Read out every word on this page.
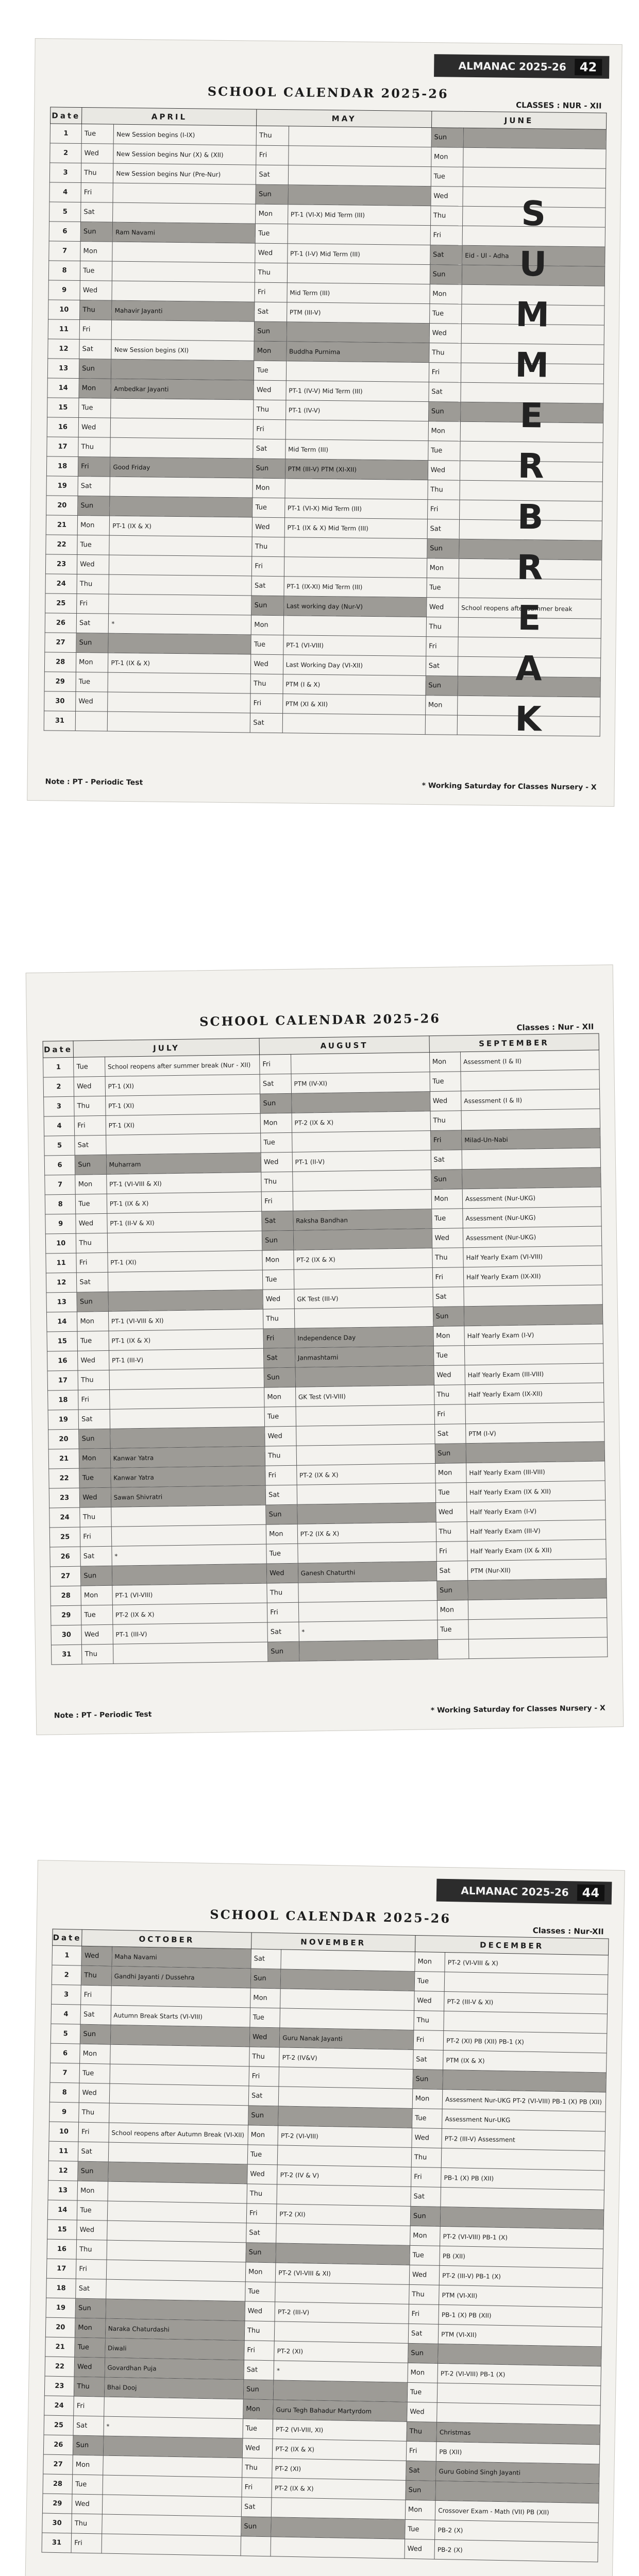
ALMANAC 2025-26	42
SCHOOL CALENDAR 2025-26
CLASSES : NUR - XII
Date	APRIL		MAY		JUNE	
1	Tue	New Session begins (I-IX)	Thu		Sun	
2	Wed	New Session begins Nur (X) & (XII)	Fri		Mon	
3	Thu	New Session begins Nur (Pre-Nur)	Sat		Tue	
4	Fri		Sun		Wed	
5	Sat		Mon	PT-1 (VI-X) Mid Term (III)	Thu	
6	Sun	Ram Navami	Tue		Fri	
7	Mon		Wed	PT-1 (I-V) Mid Term (III)	Sat	Eid - Ul - Adha
8	Tue		Thu		Sun	
9	Wed		Fri	Mid Term (III)	Mon	
10	Thu	Mahavir Jayanti	Sat	PTM (III-V)	Tue	
11	Fri		Sun		Wed	
12	Sat	New Session begins (XI)	Mon	Buddha Purnima	Thu	
13	Sun		Tue		Fri	
14	Mon	Ambedkar Jayanti	Wed	PT-1 (IV-V) Mid Term (III)	Sat	
15	Tue		Thu	PT-1 (IV-V)	Sun	
16	Wed		Fri		Mon	
17	Thu		Sat	Mid Term (III)	Tue	
18	Fri	Good Friday	Sun	PTM (III-V) PTM (XI-XII)	Wed	
19	Sat		Mon		Thu	
20	Sun		Tue	PT-1 (VI-X) Mid Term (III)	Fri	
21	Mon	PT-1 (IX & X)	Wed	PT-1 (IX & X) Mid Term (III)	Sat	
22	Tue		Thu		Sun	
23	Wed		Fri		Mon	
24	Thu		Sat	PT-1 (IX-XI) Mid Term (III)	Tue	
25	Fri		Sun	Last working day (Nur-V)	Wed	School reopens after summer break
26	Sat	*	Mon		Thu	
27	Sun		Tue	PT-1 (VI-VIII)	Fri	
28	Mon	PT-1 (IX & X)	Wed	Last Working Day (VI-XII)	Sat	
29	Tue		Thu	PTM (I & X)	Sun	
30	Wed		Fri	PTM (XI & XII)	Mon	
31			Sat			
S
U
M
M
E
R
B
R
E
A
K
Note : PT - Periodic Test	* Working Saturday for Classes Nursery - X
SCHOOL CALENDAR 2025-26	Classes : Nur - XII
Date	JULY		AUGUST		SEPTEMBER	
1	Tue	School reopens after summer break (Nur - XII)	Fri		Mon	Assessment (I & II)
2	Wed	PT-1 (XI)	Sat	PTM (IV-XI)	Tue	
3	Thu	PT-1 (XI)	Sun		Wed	Assessment (I & II)
4	Fri	PT-1 (XI)	Mon	PT-2 (IX & X)	Thu	
5	Sat		Tue		Fri	Milad-Un-Nabi
6	Sun	Muharram	Wed	PT-1 (II-V)	Sat	
7	Mon	PT-1 (VI-VIII & XI)	Thu		Sun	
8	Tue	PT-1 (IX & X)	Fri		Mon	Assessment (Nur-UKG)
9	Wed	PT-1 (II-V & XI)	Sat	Raksha Bandhan	Tue	Assessment (Nur-UKG)
10	Thu		Sun		Wed	Assessment (Nur-UKG)
11	Fri	PT-1 (XI)	Mon	PT-2 (IX & X)	Thu	Half Yearly Exam (VI-VIII)
12	Sat		Tue		Fri	Half Yearly Exam (IX-XII)
13	Sun		Wed	GK Test (III-V)	Sat	
14	Mon	PT-1 (VI-VIII & XI)	Thu		Sun	
15	Tue	PT-1 (IX & X)	Fri	Independence Day	Mon	Half Yearly Exam (I-V)
16	Wed	PT-1 (III-V)	Sat	Janmashtami	Tue	
17	Thu		Sun		Wed	Half Yearly Exam (III-VIII)
18	Fri		Mon	GK Test (VI-VIII)	Thu	Half Yearly Exam (IX-XII)
19	Sat		Tue		Fri	
20	Sun		Wed		Sat	PTM (I-V)
21	Mon	Kanwar Yatra	Thu		Sun	
22	Tue	Kanwar Yatra	Fri	PT-2 (IX & X)	Mon	Half Yearly Exam (III-VIII)
23	Wed	Sawan Shivratri	Sat		Tue	Half Yearly Exam (IX & XII)
24	Thu		Sun		Wed	Half Yearly Exam (I-V)
25	Fri		Mon	PT-2 (IX & X)	Thu	Half Yearly Exam (III-V)
26	Sat	*	Tue		Fri	Half Yearly Exam (IX & XII)
27	Sun		Wed	Ganesh Chaturthi	Sat	PTM (Nur-XII)
28	Mon	PT-1 (VI-VIII)	Thu		Sun	
29	Tue	PT-2 (IX & X)	Fri		Mon	
30	Wed	PT-1 (III-V)	Sat	*	Tue	
31	Thu		Sun			
Note : PT - Periodic Test
* Working Saturday for Classes Nursery - X
ALMANAC 2025-26	44
SCHOOL CALENDAR 2025-26
Classes : Nur-XII
Date	OCTOBER		NOVEMBER		DECEMBER	
1	Wed	Maha Navami	Sat		Mon	PT-2 (VI-VIII & X)
2	Thu	Gandhi Jayanti / Dussehra	Sun		Tue	
3	Fri		Mon		Wed	PT-2 (III-V & XI)
4	Sat	Autumn Break Starts (VI-VIII)	Tue		Thu	
5	Sun		Wed	Guru Nanak Jayanti	Fri	PT-2 (XI) PB (XII) PB-1 (X)
6	Mon		Thu	PT-2 (IV&V)	Sat	PTM (IX & X)
7	Tue		Fri		Sun	
8	Wed		Sat		Mon	Assessment Nur-UKG PT-2 (VI-VIII) PB-1 (X) PB (XII)
9	Thu		Sun		Tue	Assessment Nur-UKG
10	Fri	School reopens after Autumn Break (VI-XII)	Mon	PT-2 (VI-VIII)	Wed	PT-2 (III-V) Assessment
11	Sat		Tue		Thu	
12	Sun		Wed	PT-2 (IV & V)	Fri	PB-1 (X) PB (XII)
13	Mon		Thu		Sat	
14	Tue		Fri	PT-2 (XI)	Sun	
15	Wed		Sat		Mon	PT-2 (VI-VIII) PB-1 (X)
16	Thu		Sun		Tue	PB (XII)
17	Fri		Mon	PT-2 (VI-VIII & XI)	Wed	PT-2 (III-V) PB-1 (X)
18	Sat		Tue		Thu	PTM (VI-XII)
19	Sun		Wed	PT-2 (III-V)	Fri	PB-1 (X) PB (XII)
20	Mon	Naraka Chaturdashi	Thu		Sat	PTM (VI-XII)
21	Tue	Diwali	Fri	PT-2 (XI)	Sun	
22	Wed	Govardhan Puja	Sat	*	Mon	PT-2 (VI-VIII) PB-1 (X)
23	Thu	Bhai Dooj	Sun		Tue	
24	Fri		Mon	Guru Tegh Bahadur Martyrdom	Wed	
25	Sat	*	Tue	PT-2 (VI-VIII, XI)	Thu	Christmas
26	Sun		Wed	PT-2 (IX & X)	Fri	PB (XII)
27	Mon		Thu	PT-2 (XI)	Sat	Guru Gobind Singh Jayanti
28	Tue		Fri	PT-2 (IX & X)	Sun	
29	Wed		Sat		Mon	Crossover Exam - Math (VII) PB (XII)
30	Thu		Sun		Tue	PB-2 (X)
31	Fri				Wed	PB-2 (X)
